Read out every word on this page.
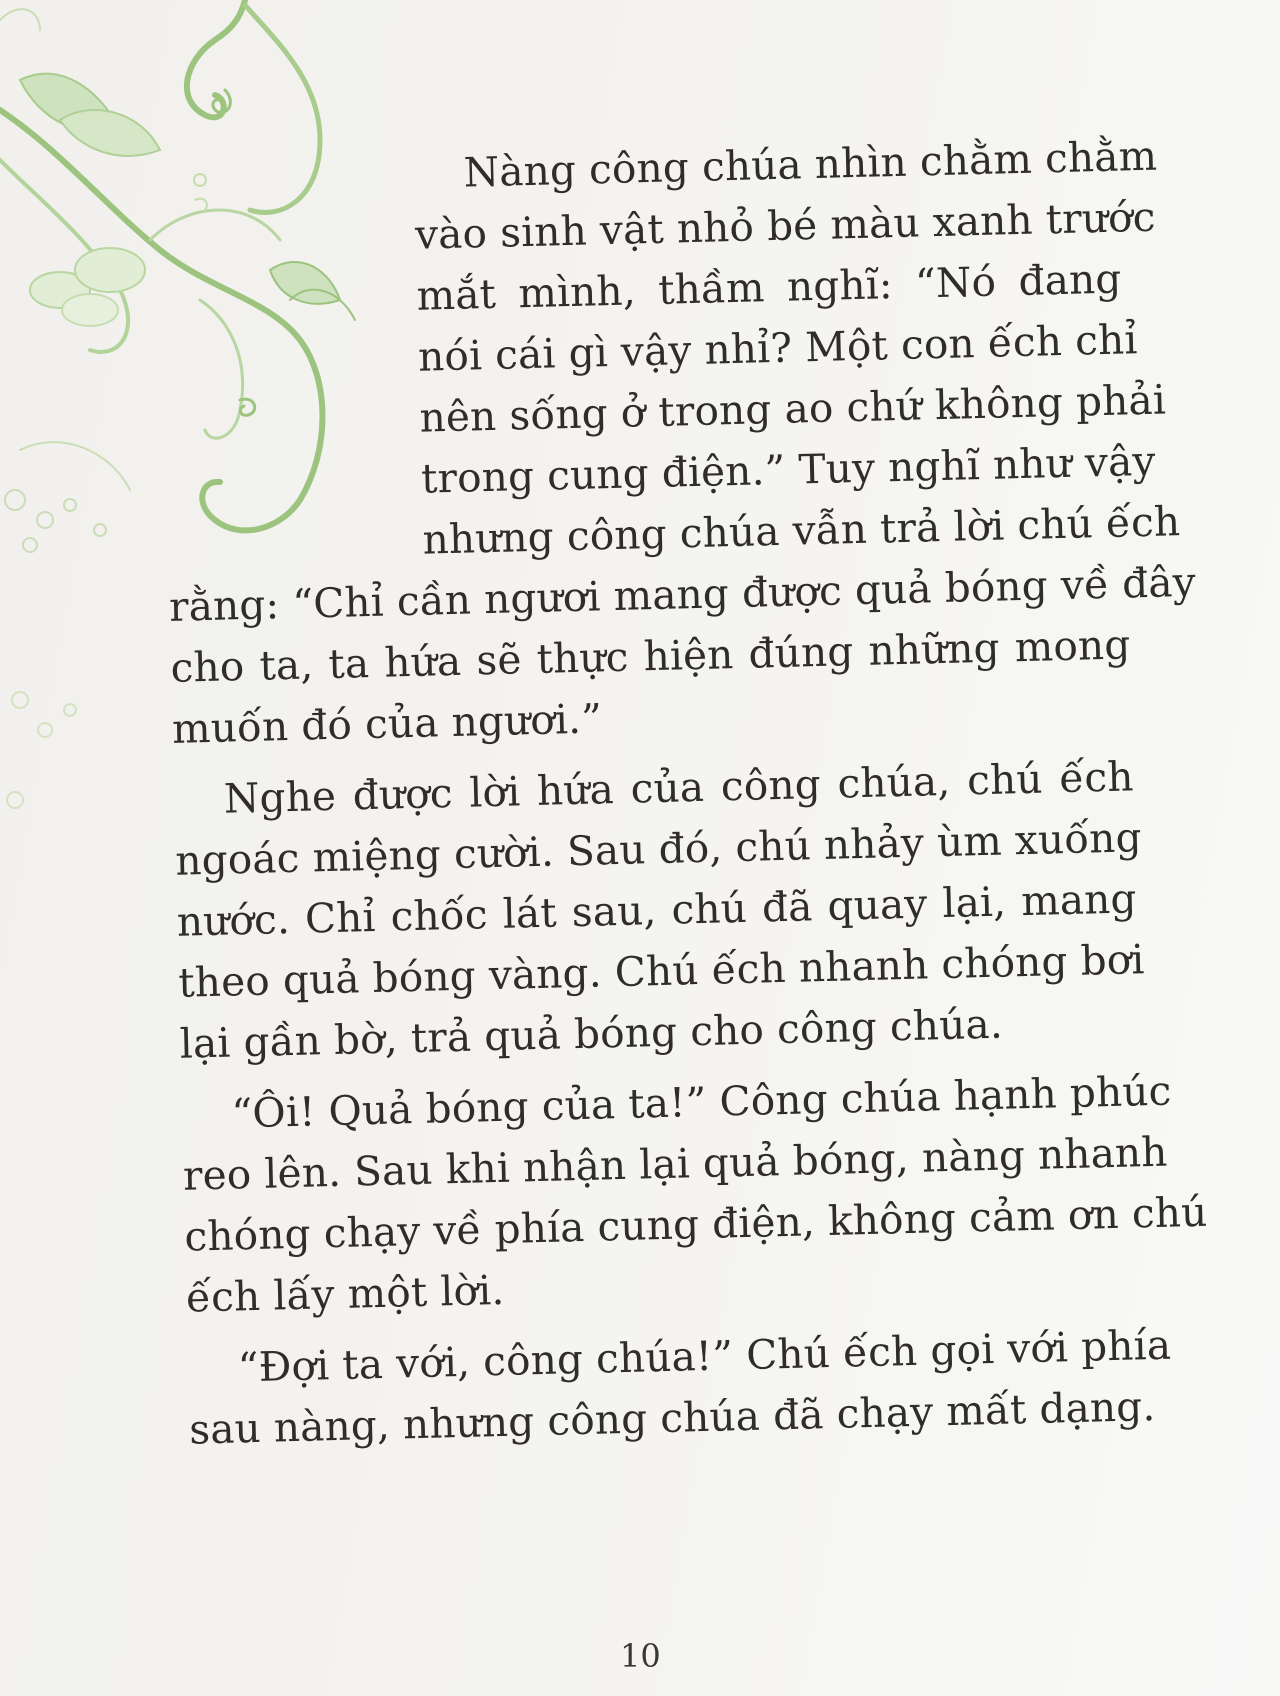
Nàng công chúa nhìn chằm chằm
vào sinh vật nhỏ bé màu xanh trước
mắt mình, thầm nghĩ: “Nó đang
nói cái gì vậy nhỉ? Một con ếch chỉ
nên sống ở trong ao chứ không phải
trong cung điện.” Tuy nghĩ như vậy
nhưng công chúa vẫn trả lời chú ếch
rằng: “Chỉ cần ngươi mang được quả bóng về đây
cho ta, ta hứa sẽ thực hiện đúng những mong
muốn đó của ngươi.”

Nghe được lời hứa của công chúa, chú ếch
ngoác miệng cười. Sau đó, chú nhảy ùm xuống
nước. Chỉ chốc lát sau, chú đã quay lại, mang
theo quả bóng vàng. Chú ếch nhanh chóng bơi
lại gần bờ, trả quả bóng cho công chúa.

“Ôi! Quả bóng của ta!” Công chúa hạnh phúc
reo lên. Sau khi nhận lại quả bóng, nàng nhanh
chóng chạy về phía cung điện, không cảm ơn chú
ếch lấy một lời.

“Đợi ta với, công chúa!” Chú ếch gọi với phía
sau nàng, nhưng công chúa đã chạy mất dạng.

10
